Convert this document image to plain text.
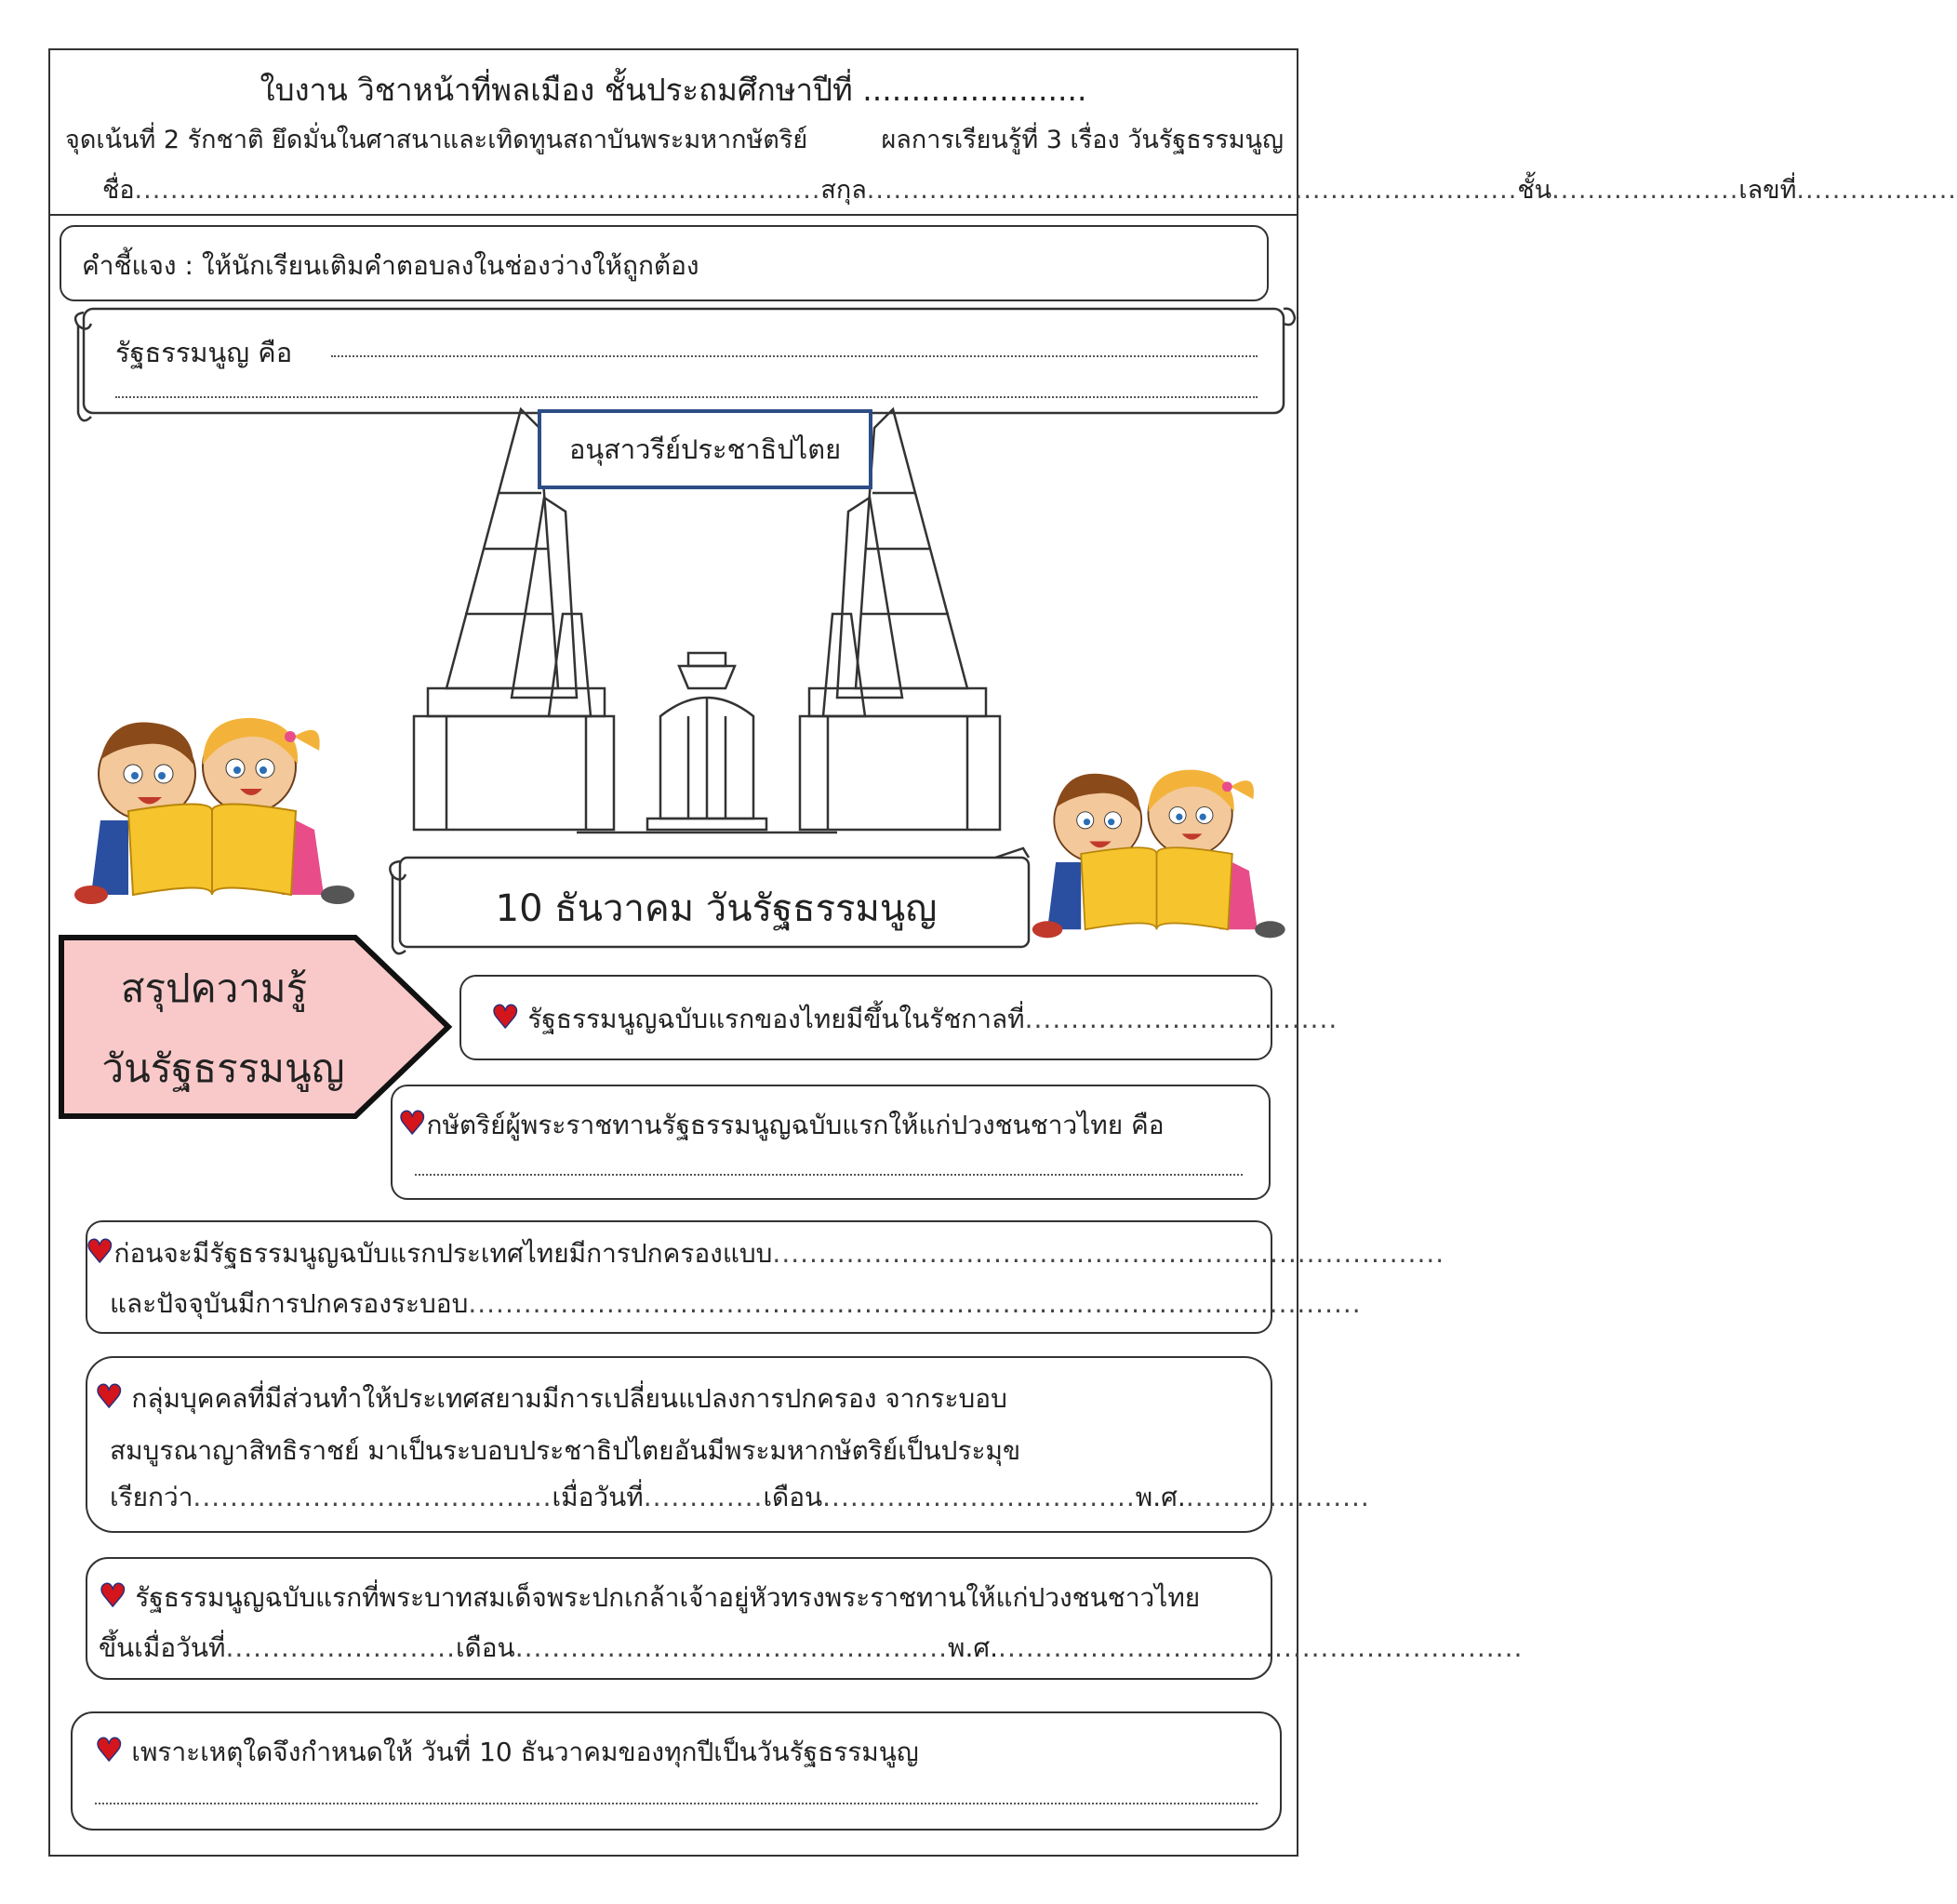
ใบงาน วิชาหน้าที่พลเมือง ชั้นประถมศึกษาปีที่ .......................
จุดเน้นที่ 2 รักชาติ ยึดมั่นในศาสนาและเทิดทูนสถาบันพระมหากษัตริย์	ผลการเรียนรู้ที่ 3 เรื่อง วันรัฐธรรมนูญ
ชื่อ.............................................................................สกุล.........................................................................ชั้น.....................เลขที่..................
คำชี้แจง : ให้นักเรียนเติมคำตอบลงในช่องว่างให้ถูกต้อง
รัฐธรรมนูญ คือ
อนุสาวรีย์ประชาธิปไตย
10 ธันวาคม วันรัฐธรรมนูญ
สรุปความรู้
วันรัฐธรรมนูญ
♥ รัฐธรรมนูญฉบับแรกของไทยมีขึ้นในรัชกาลที่..................................
♥กษัตริย์ผู้พระราชทานรัฐธรรมนูญฉบับแรกให้แก่ปวงชนชาวไทย คือ
♥ก่อนจะมีรัฐธรรมนูญฉบับแรกประเทศไทยมีการปกครองแบบ.........................................................................
และปัจจุบันมีการปกครองระบอบ.................................................................................................
♥ กลุ่มบุคคลที่มีส่วนทำให้ประเทศสยามมีการเปลี่ยนแปลงการปกครอง จากระบอบ
สมบูรณาญาสิทธิราชย์ มาเป็นระบอบประชาธิปไตยอันมีพระมหากษัตริย์เป็นประมุข
เรียกว่า.......................................เมื่อวันที่.............เดือน..................................พ.ศ.....................
♥ รัฐธรรมนูญฉบับแรกที่พระบาทสมเด็จพระปกเกล้าเจ้าอยู่หัวทรงพระราชทานให้แก่ปวงชนชาวไทย
ขึ้นเมื่อวันที่.........................เดือน...............................................พ.ศ..........................................................
♥ เพราะเหตุใดจึงกำหนดให้ วันที่ 10 ธันวาคมของทุกปีเป็นวันรัฐธรรมนูญ
